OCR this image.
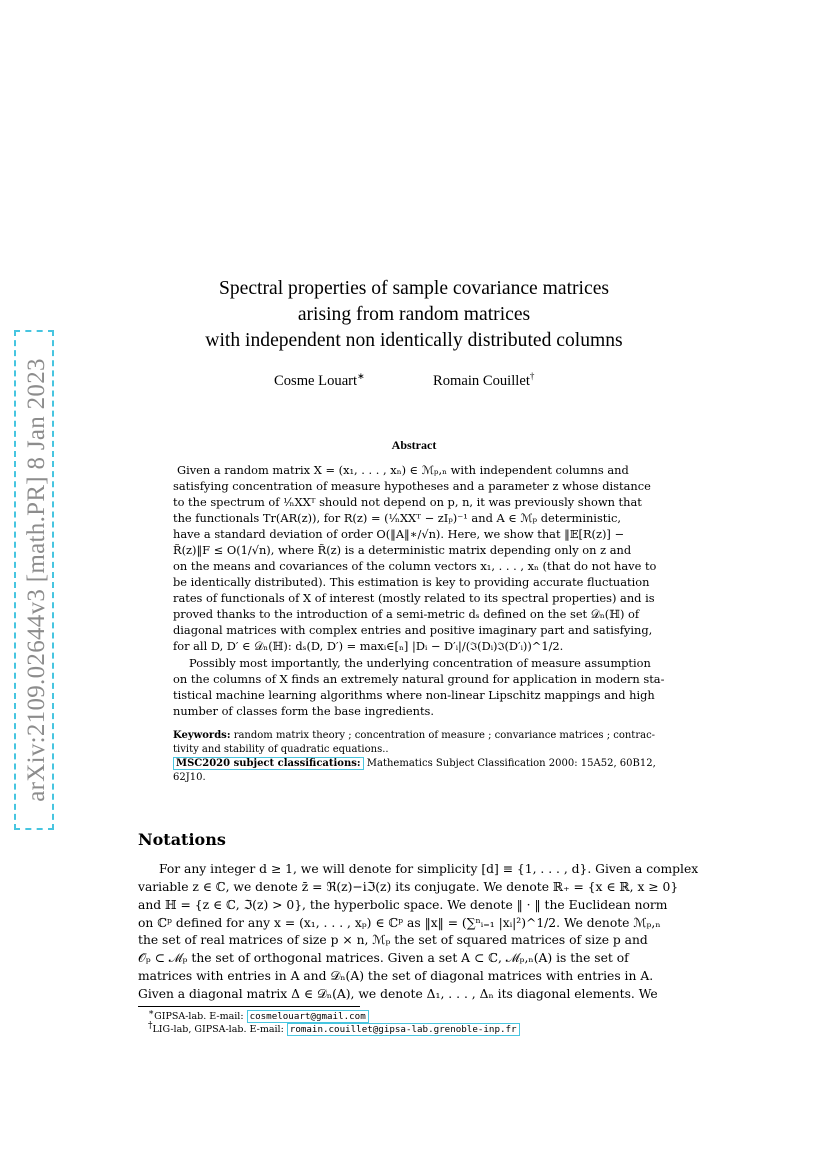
arXiv:2109.02644v3 [math.PR] 8 Jan 2023
Spectral properties of sample covariance matrices
arising from random matrices
with independent non identically distributed columns
Cosme Louart∗	Romain Couillet†
Abstract
Given a random matrix X = (x₁, . . . , xₙ) ∈ ℳₚ,ₙ with independent columns and
satisfying concentration of measure hypotheses and a parameter z whose distance
to the spectrum of ¹⁄ₙXXᵀ should not depend on p, n, it was previously shown that
the functionals Tr(AR(z)), for R(z) = (¹⁄ₙXXᵀ − zIₚ)⁻¹ and A ∈ ℳₚ deterministic,
have a standard deviation of order O(‖A‖∗/√n). Here, we show that ‖𝔼[R(z)] −
R̃(z)‖F ≤ O(1/√n), where R̃(z) is a deterministic matrix depending only on z and
on the means and covariances of the column vectors x₁, . . . , xₙ (that do not have to
be identically distributed). This estimation is key to providing accurate fluctuation
rates of functionals of X of interest (mostly related to its spectral properties) and is
proved thanks to the introduction of a semi-metric dₛ defined on the set 𝒟ₙ(ℍ) of
diagonal matrices with complex entries and positive imaginary part and satisfying,
for all D, D′ ∈ 𝒟ₙ(ℍ): dₛ(D, D′) = maxᵢ∈[ₙ] |Dᵢ − D′ᵢ|/(ℑ(Dᵢ)ℑ(D′ᵢ))^1/2.
Possibly most importantly, the underlying concentration of measure assumption
on the columns of X finds an extremely natural ground for application in modern sta-
tistical machine learning algorithms where non-linear Lipschitz mappings and high
number of classes form the base ingredients.
Keywords: random matrix theory ; concentration of measure ; convariance matrices ; contrac-
tivity and stability of quadratic equations..
MSC2020 subject classifications: Mathematics Subject Classification 2000: 15A52, 60B12,
62J10.
Notations
For any integer d ≥ 1, we will denote for simplicity [d] ≡ {1, . . . , d}. Given a complex
variable z ∈ ℂ, we denote z̄ = ℜ(z)−iℑ(z) its conjugate. We denote ℝ₊ = {x ∈ ℝ, x ≥ 0}
and ℍ = {z ∈ ℂ, ℑ(z) > 0}, the hyperbolic space. We denote ‖ · ‖ the Euclidean norm
on ℂᵖ defined for any x = (x₁, . . . , xₚ) ∈ ℂᵖ as ‖x‖ = (∑ⁿᵢ₌₁ |xᵢ|²)^1/2. We denote ℳₚ,ₙ
the set of real matrices of size p × n, ℳₚ the set of squared matrices of size p and
𝒪ₚ ⊂ ℳₚ the set of orthogonal matrices. Given a set A ⊂ ℂ, ℳₚ,ₙ(A) is the set of
matrices with entries in A and 𝒟ₙ(A) the set of diagonal matrices with entries in A.
Given a diagonal matrix Δ ∈ 𝒟ₙ(A), we denote Δ₁, . . . , Δₙ its diagonal elements. We
∗GIPSA-lab. E-mail: cosmelouart@gmail.com
†LIG-lab, GIPSA-lab. E-mail: romain.couillet@gipsa-lab.grenoble-inp.fr
